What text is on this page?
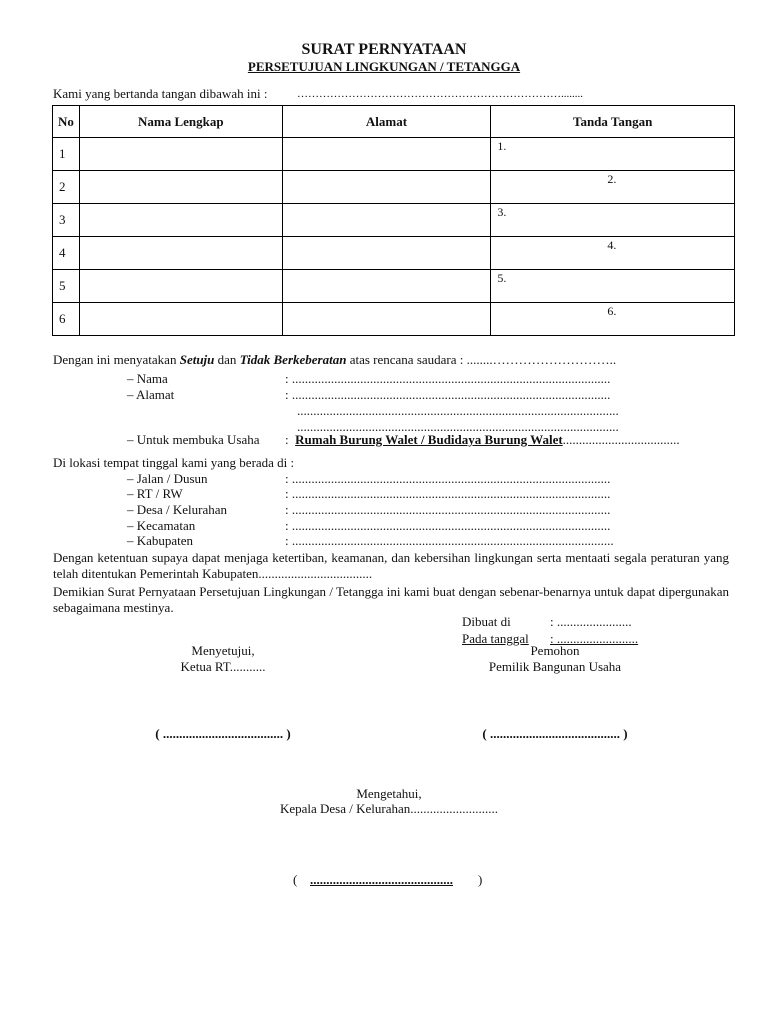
SURAT PERNYATAAN
PERSETUJUAN LINGKUNGAN / TETANGGA
Kami yang bertanda tangan dibawah ini :	………………………………………………………………........
No	Nama Lengkap	Alamat	Tanda Tangan
1			1.

2			2.

3			3.

4			4.

5			5.

6			6.
Dengan ini menyatakan Setuju dan Tidak Berkeberatan atas rencana saudara : ........………………………..
– Nama	: ..................................................................................................
– Alamat	: ..................................................................................................
...................................................................................................
...................................................................................................
– Untuk membuka Usaha : Rumah Burung Walet / Budidaya Burung Walet....................................
Di lokasi tempat tinggal kami yang berada di :
– Jalan / Dusun	: ..................................................................................................
– RT / RW	: ..................................................................................................
– Desa / Kelurahan	: ..................................................................................................
– Kecamatan	: ..................................................................................................
– Kabupaten	: ...................................................................................................
Dengan ketentuan supaya dapat menjaga ketertiban, keamanan, dan kebersihan lingkungan serta mentaati segala peraturan yang telah ditentukan Pemerintah Kabupaten...................................
Demikian Surat Pernyataan Persetujuan Lingkungan / Tetangga ini kami buat dengan sebenar-benarnya untuk dapat dipergunakan sebagaimana mestinya.
Dibuat di	: .......................
Pada tanggal : .........................
Menyetujui,
Ketua RT...........
Pemohon
Pemilik Bangunan Usaha
( ..................................... )	( ........................................ )
Mengetahui,
Kepala Desa / Kelurahan...........................
( ............................................ )
